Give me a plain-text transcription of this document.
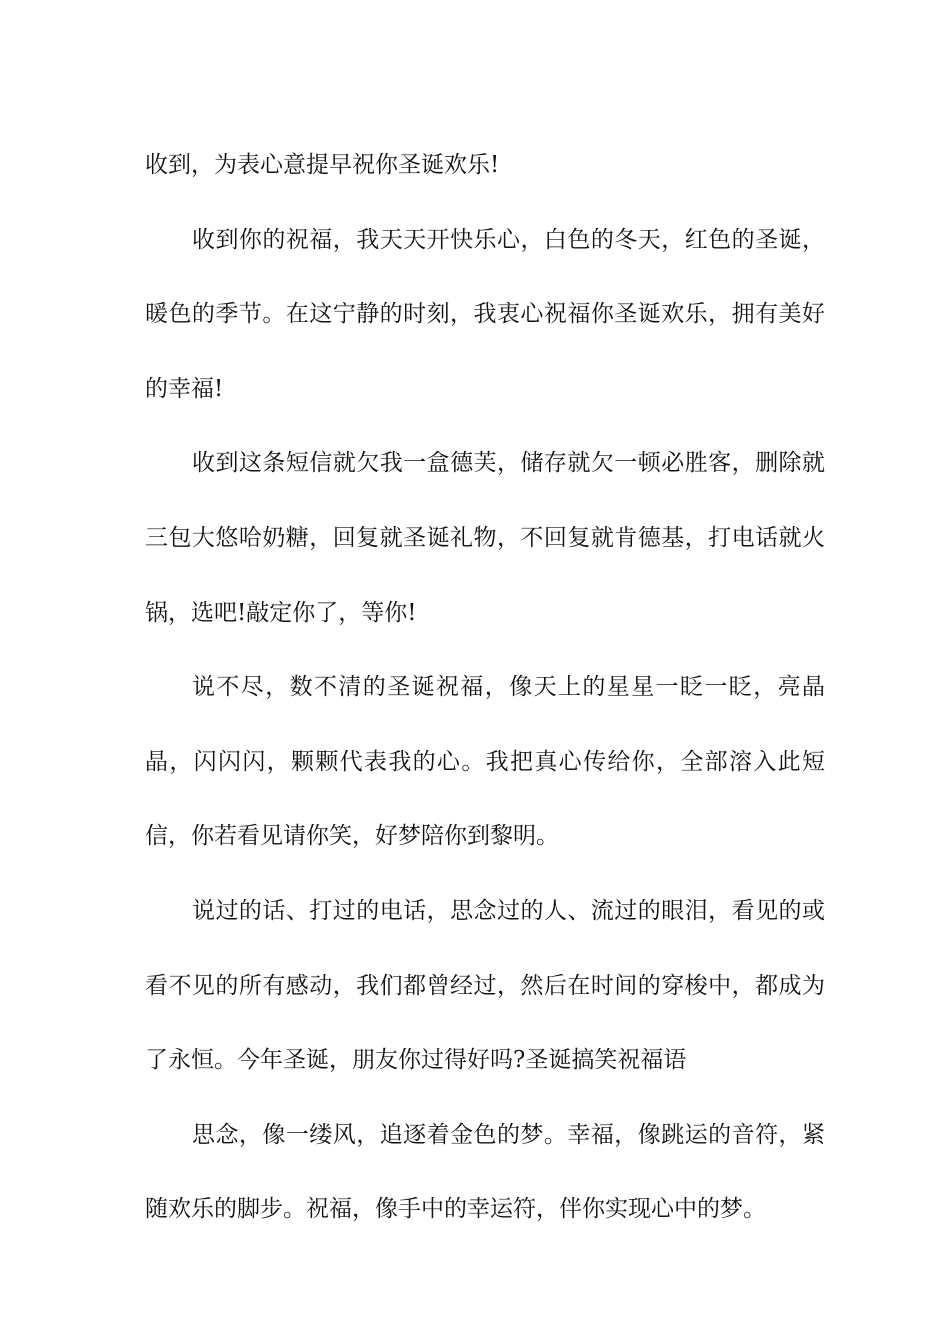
收到，为表心意提早祝你圣诞欢乐!

收到你的祝福，我天天开快乐心，白色的冬天，红色的圣诞，暖色的季节。在这宁静的时刻，我衷心祝福你圣诞欢乐，拥有美好的幸福!

收到这条短信就欠我一盒德芙，储存就欠一顿必胜客，删除就三包大悠哈奶糖，回复就圣诞礼物，不回复就肯德基，打电话就火锅，选吧!敲定你了，等你!

说不尽，数不清的圣诞祝福，像天上的星星一眨一眨，亮晶晶，闪闪闪，颗颗代表我的心。我把真心传给你，全部溶入此短信，你若看见请你笑，好梦陪你到黎明。

说过的话、打过的电话，思念过的人、流过的眼泪，看见的或看不见的所有感动，我们都曾经过，然后在时间的穿梭中，都成为了永恒。今年圣诞，朋友你过得好吗?圣诞搞笑祝福语

思念，像一缕风，追逐着金色的梦。幸福，像跳运的音符，紧随欢乐的脚步。祝福，像手中的幸运符，伴你实现心中的梦。
